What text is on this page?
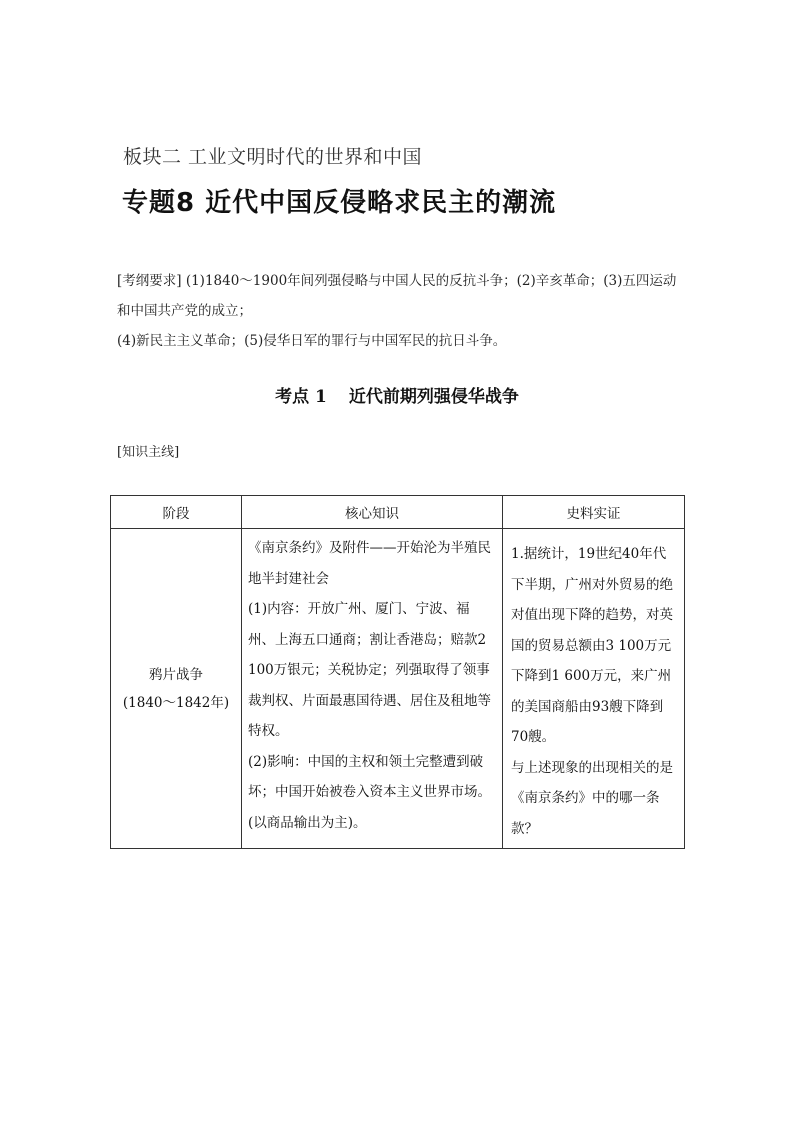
板块二 工业文明时代的世界和中国
专题8 近代中国反侵略求民主的潮流

[考纲要求] (1)1840～1900年间列强侵略与中国人民的反抗斗争；(2)辛亥革命；(3)五四运动

和中国共产党的成立；

(4)新民主主义革命；(5)侵华日军的罪行与中国军民的抗日斗争。

考点 1 近代前期列强侵华战争
[知识主线]
阶段	核心知识	史料实证

鸦片战争
(1840～1842年)	《南京条约》及附件——开始沦为半殖民地半封建社会
(1)内容：开放广州、厦门、宁波、福州、上海五口通商；割让香港岛；赔款2 100万银元；关税协定；列强取得了领事裁判权、片面最惠国待遇、居住及租地等特权。
(2)影响：中国的主权和领土完整遭到破坏；中国开始被卷入资本主义世界市场。(以商品输出为主)。	1.据统计，19世纪40年代下半期，广州对外贸易的绝对值出现下降的趋势，对英国的贸易总额由3 100万元下降到1 600万元，来广州的美国商船由93艘下降到70艘。
与上述现象的出现相关的是《南京条约》中的哪一条款？
